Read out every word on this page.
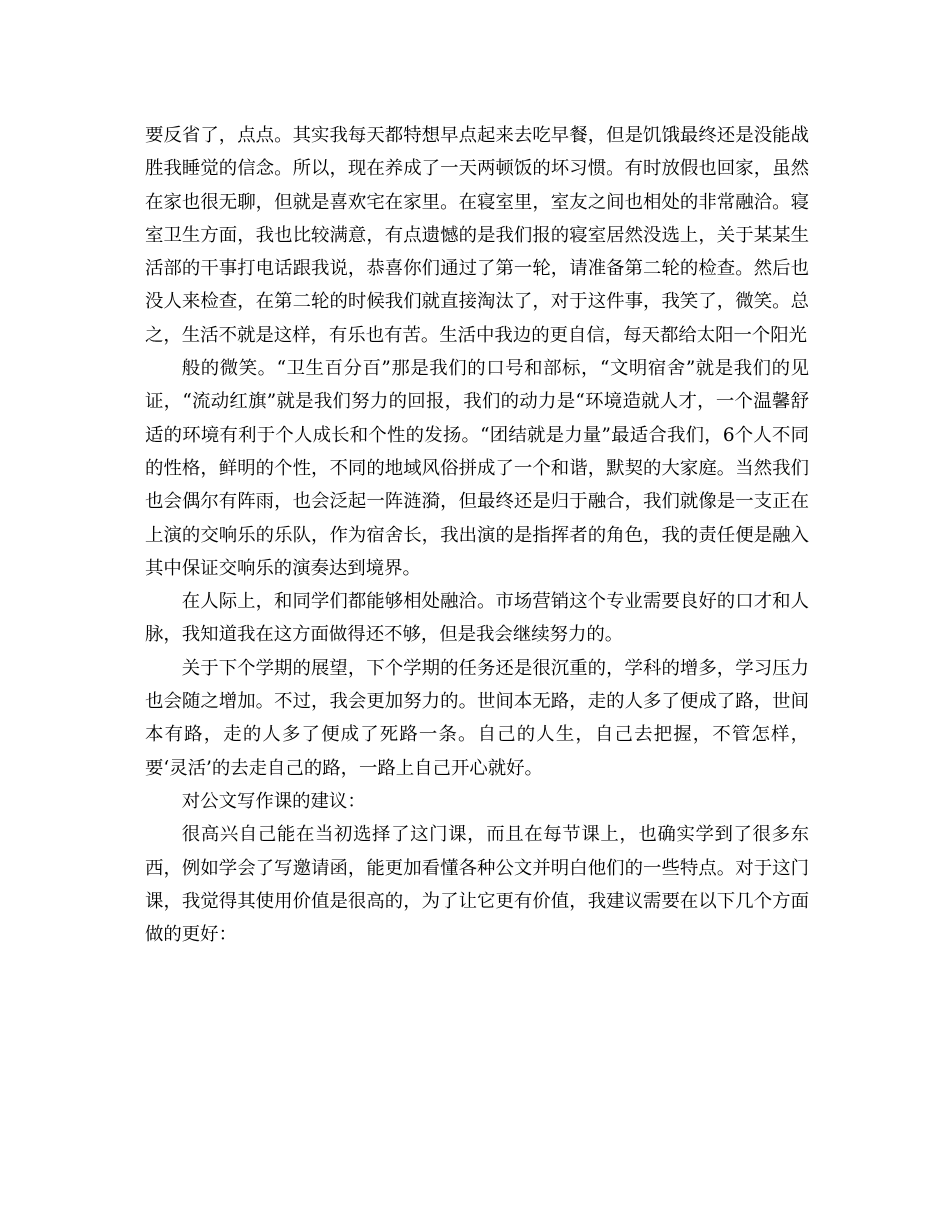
要反省了，点点。其实我每天都特想早点起来去吃早餐，但是饥饿最终还是没能战胜我睡觉的信念。所以，现在养成了一天两顿饭的坏习惯。有时放假也回家，虽然在家也很无聊，但就是喜欢宅在家里。在寝室里，室友之间也相处的非常融洽。寝室卫生方面，我也比较满意，有点遗憾的是我们报的寝室居然没选上，关于某某生活部的干事打电话跟我说，恭喜你们通过了第一轮，请准备第二轮的检查。然后也没人来检查，在第二轮的时候我们就直接淘汰了，对于这件事，我笑了，微笑。总之，生活不就是这样，有乐也有苦。生活中我边的更自信，每天都给太阳一个阳光

般的微笑。“卫生百分百”那是我们的口号和部标，“文明宿舍”就是我们的见证，“流动红旗”就是我们努力的回报，我们的动力是“环境造就人才，一个温馨舒适的环境有利于个人成长和个性的发扬。“团结就是力量”最适合我们，6个人不同的性格，鲜明的个性，不同的地域风俗拼成了一个和谐，默契的大家庭。当然我们也会偶尔有阵雨，也会泛起一阵涟漪，但最终还是归于融合，我们就像是一支正在上演的交响乐的乐队，作为宿舍长，我出演的是指挥者的角色，我的责任便是融入其中保证交响乐的演奏达到境界。

在人际上，和同学们都能够相处融洽。市场营销这个专业需要良好的口才和人脉，我知道我在这方面做得还不够，但是我会继续努力的。

关于下个学期的展望，下个学期的任务还是很沉重的，学科的增多，学习压力也会随之增加。不过，我会更加努力的。世间本无路，走的人多了便成了路，世间本有路，走的人多了便成了死路一条。自己的人生，自己去把握，不管怎样，要‘灵活’的去走自己的路，一路上自己开心就好。

对公文写作课的建议：

很高兴自己能在当初选择了这门课，而且在每节课上，也确实学到了很多东西，例如学会了写邀请函，能更加看懂各种公文并明白他们的一些特点。对于这门课，我觉得其使用价值是很高的，为了让它更有价值，我建议需要在以下几个方面做的更好：
